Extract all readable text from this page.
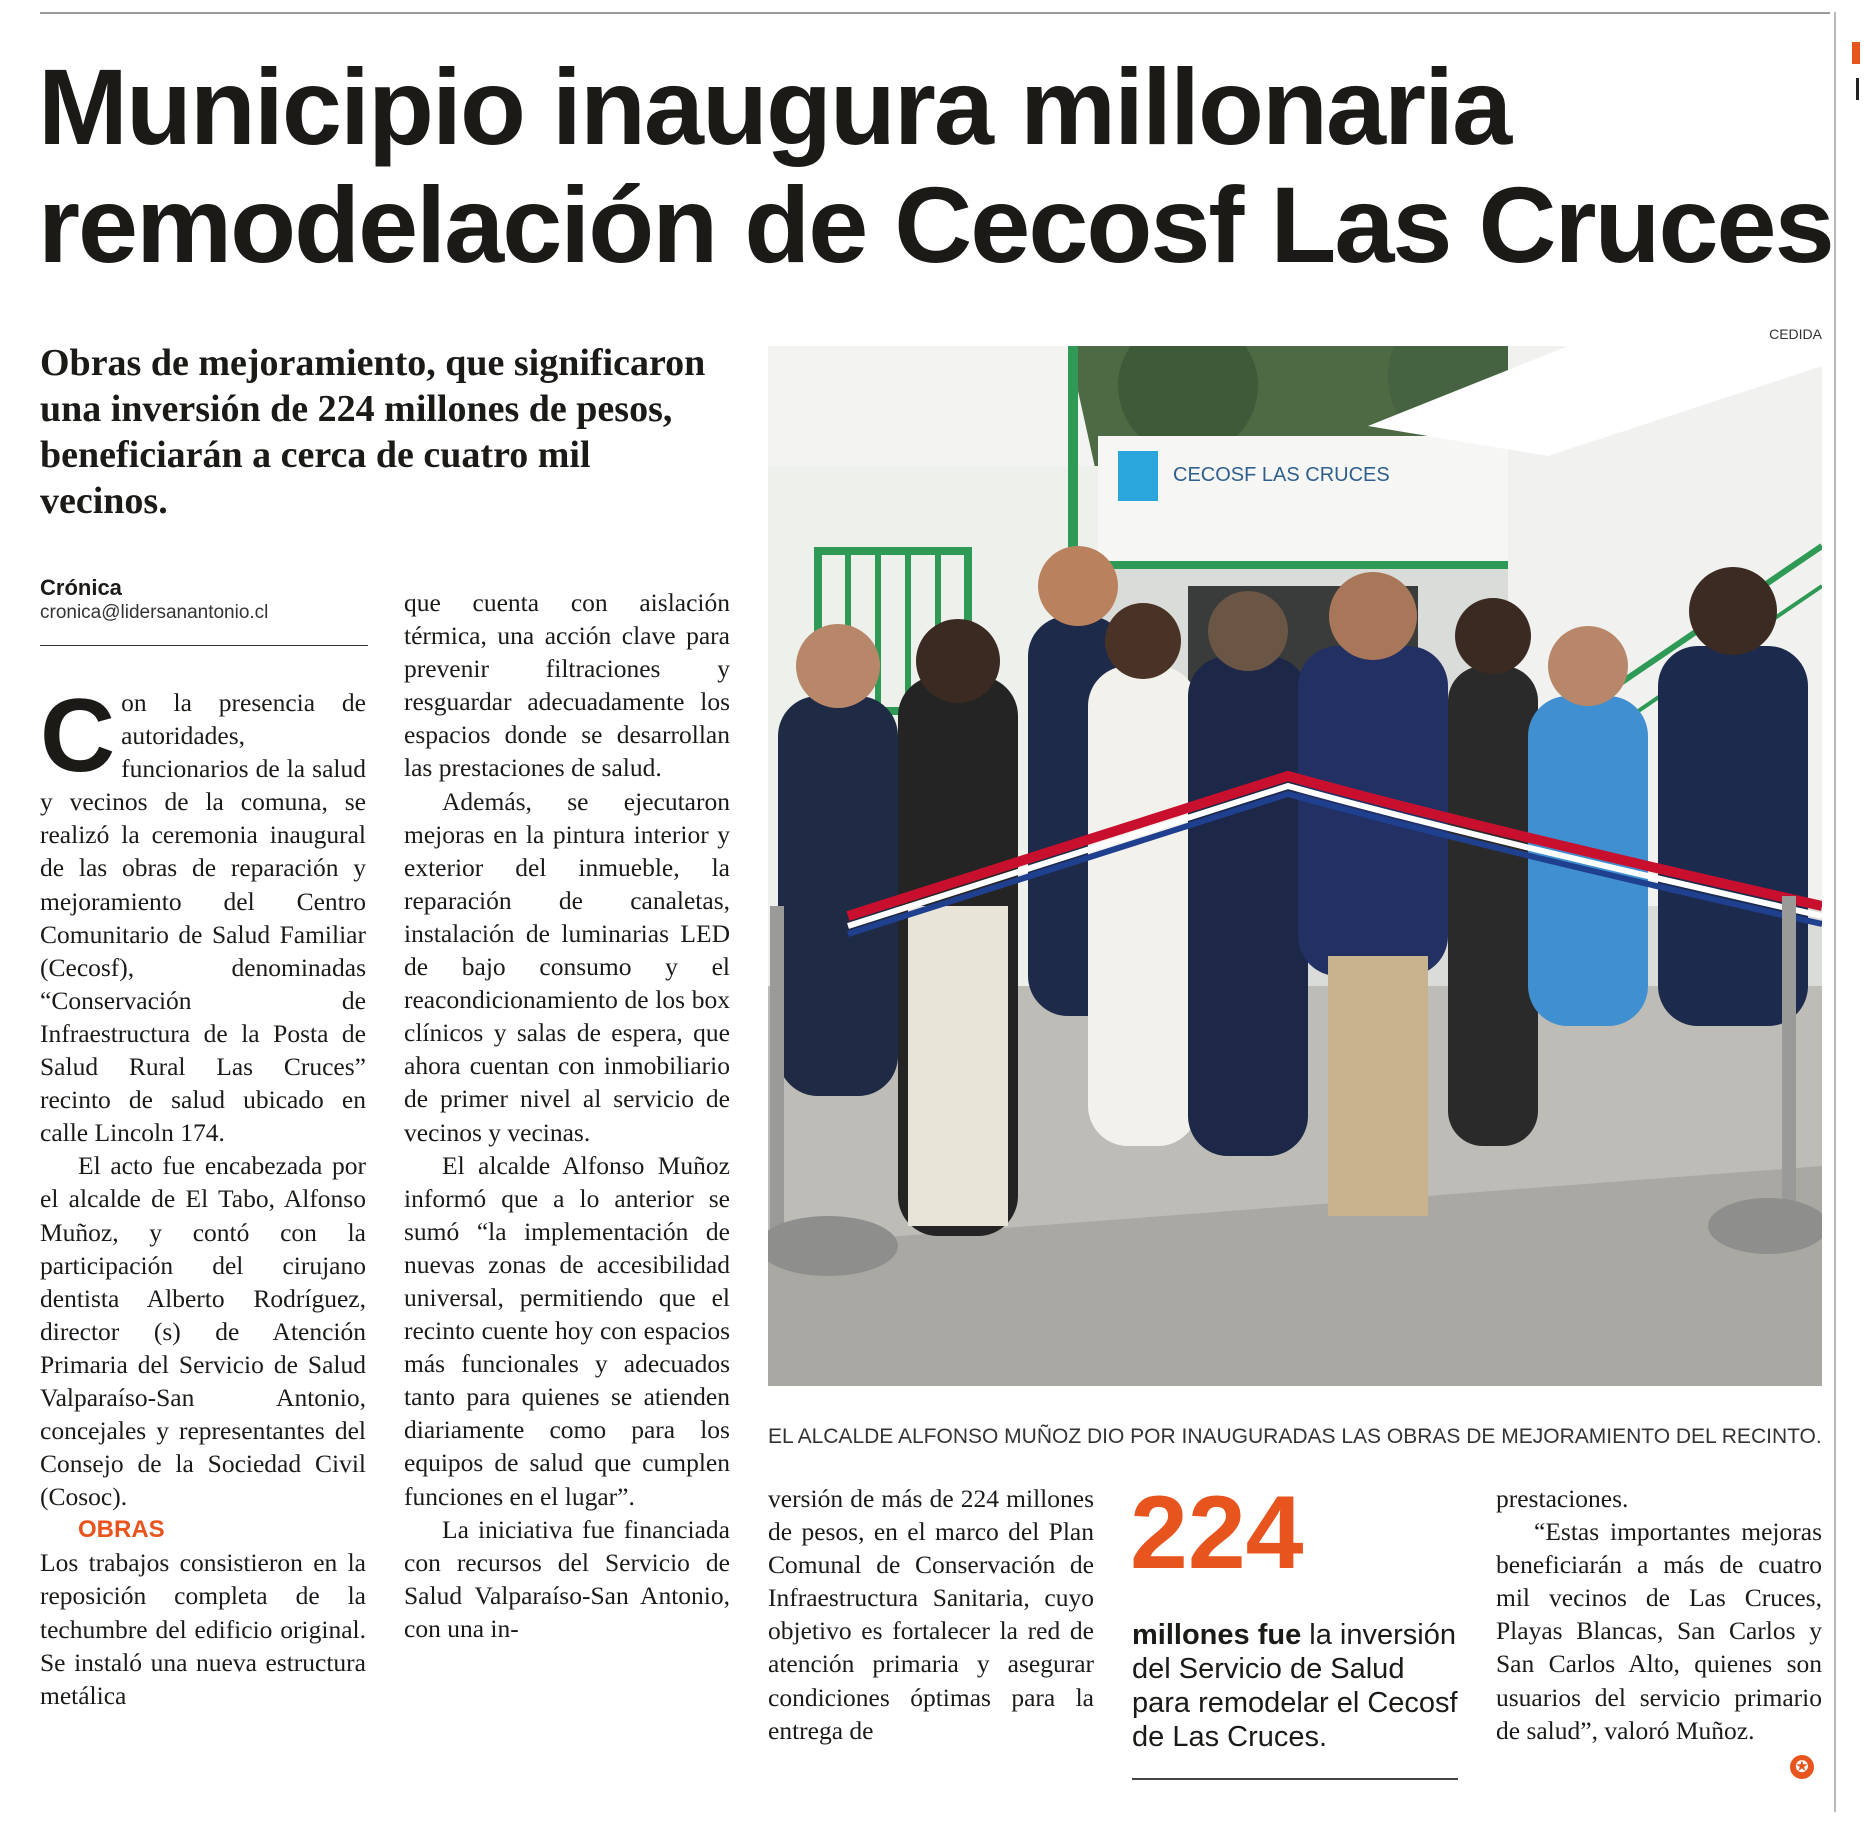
Municipio inaugura millonaria
remodelación de Cecosf Las Cruces
Obras de mejoramiento, que significaron una inversión de 224 millones de pesos, beneficiarán a cerca de cuatro mil vecinos.
Crónica
cronica@lidersanantonio.cl

Con la presencia de autoridades, funcionarios de la salud y vecinos de la comuna, se realizó la ceremonia inaugural de las obras de reparación y mejoramiento del Centro Comunitario de Salud Familiar (Cecosf), denominadas “Conservación de Infraestructura de la Posta de Salud Rural Las Cruces” recinto de salud ubicado en calle Lincoln 174.

El acto fue encabezada por el alcalde de El Tabo, Alfonso Muñoz, y contó con la participación del cirujano dentista Alberto Rodríguez, director (s) de Atención Primaria del Servicio de Salud Valparaíso-San Antonio, concejales y representantes del Consejo de la Sociedad Civil (Cosoc).

OBRAS

Los trabajos consistieron en la reposición completa de la techumbre del edificio original. Se instaló una nueva estructura metálica

que cuenta con aislación térmica, una acción clave para prevenir filtraciones y resguardar adecuadamente los espacios donde se desarrollan las prestaciones de salud.

Además, se ejecutaron mejoras en la pintura interior y exterior del inmueble, la reparación de canaletas, instalación de luminarias LED de bajo consumo y el reacondicionamiento de los box clínicos y salas de espera, que ahora cuentan con inmobiliario de primer nivel al servicio de vecinos y vecinas.

El alcalde Alfonso Muñoz informó que a lo anterior se sumó “la implementación de nuevas zonas de accesibilidad universal, permitiendo que el recinto cuente hoy con espacios más funcionales y adecuados tanto para quienes se atienden diariamente como para los equipos de salud que cumplen funciones en el lugar”.

La iniciativa fue financiada con recursos del Servicio de Salud Valparaíso-San Antonio, con una in-

CEDIDA
CECOSF LAS CRUCES
EL ALCALDE ALFONSO MUÑOZ DIO POR INAUGURADAS LAS OBRAS DE MEJORAMIENTO DEL RECINTO.

versión de más de 224 millones de pesos, en el marco del Plan Comunal de Conservación de Infraestructura Sanitaria, cuyo objetivo es fortalecer la red de atención primaria y asegurar condiciones óptimas para la entrega de

224
millones fue la inversión del Servicio de Salud para remodelar el Cecosf de Las Cruces.

prestaciones.

“Estas importantes mejoras beneficiarán a más de cuatro mil vecinos de Las Cruces, Playas Blancas, San Carlos y San Carlos Alto, quienes son usuarios del servicio primario de salud”, valoró Muñoz.

✪
